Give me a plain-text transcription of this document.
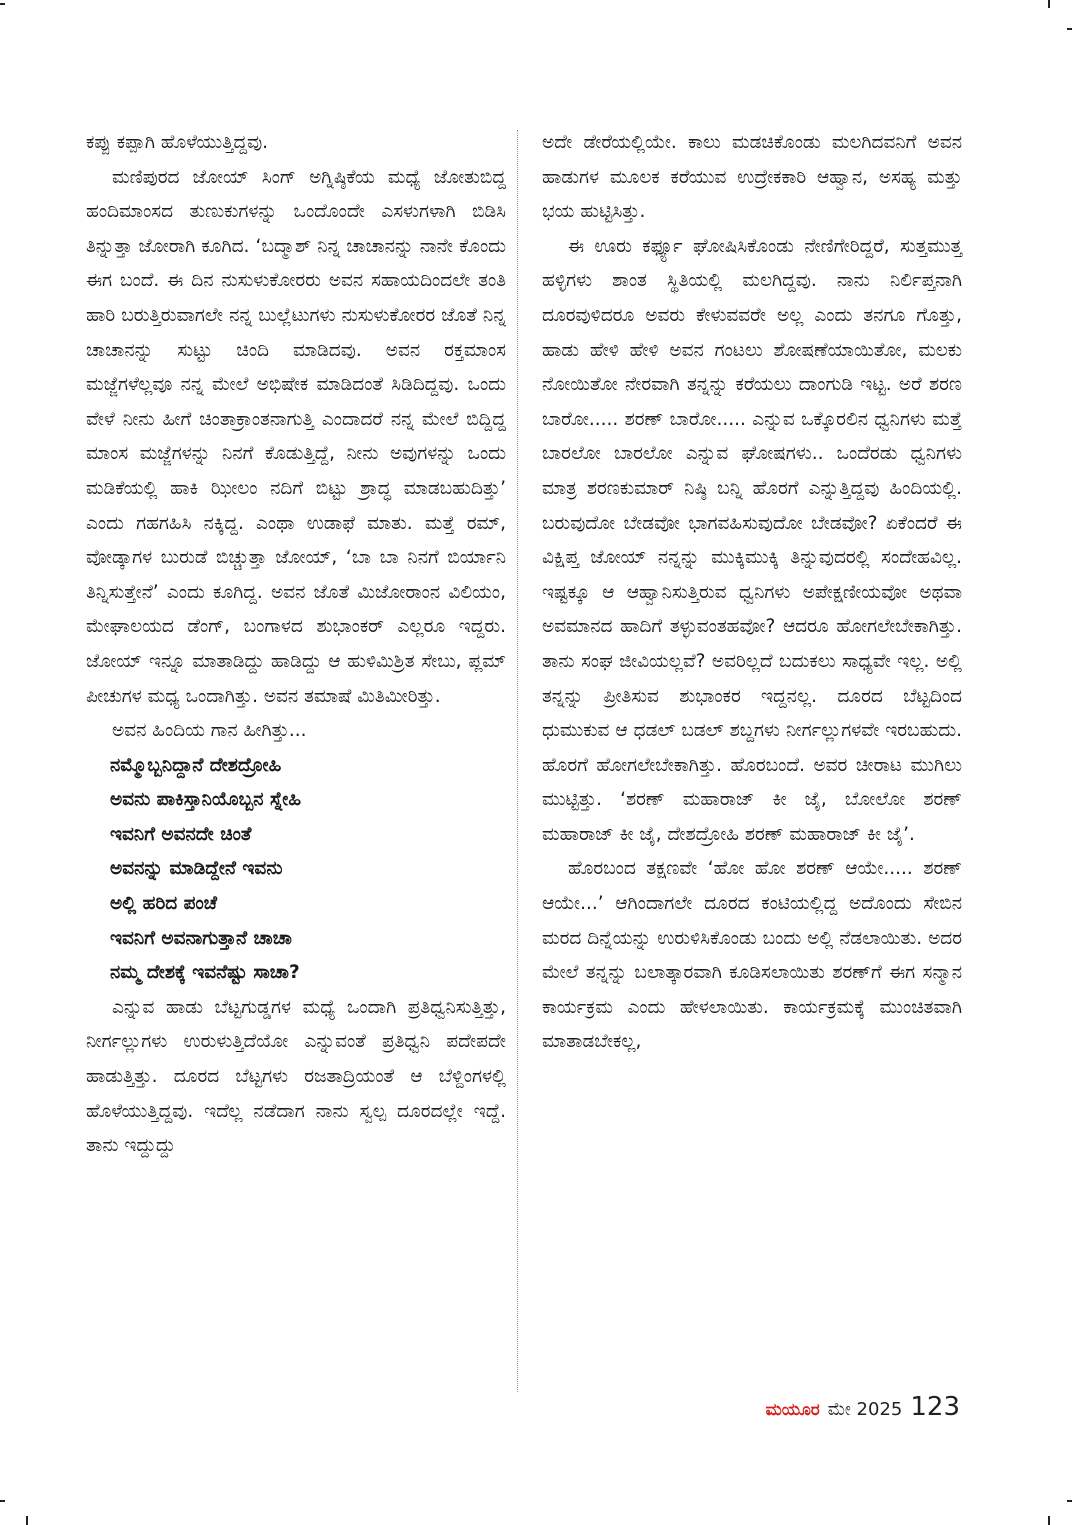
ಕಪ್ಪು ಕಪ್ಪಾಗಿ ಹೊಳೆಯುತ್ತಿದ್ದವು.

ಮಣಿಪುರದ ಜೋಯ್ ಸಿಂಗ್ ಅಗ್ನಿಷ್ಠಿಕೆಯ ಮಧ್ಯೆ ಜೋತುಬಿದ್ದ ಹಂದಿಮಾಂಸದ ತುಣುಕುಗಳನ್ನು ಒಂದೊಂದೇ ಎಸಳುಗಳಾಗಿ ಬಿಡಿಸಿ ತಿನ್ನುತ್ತಾ ಜೋರಾಗಿ ಕೂಗಿದ. ‘ಬದ್ಮಾಶ್ ನಿನ್ನ ಚಾಚಾನನ್ನು ನಾನೇ ಕೊಂದು ಈಗ ಬಂದೆ. ಈ ದಿನ ನುಸುಳುಕೋರರು ಅವನ ಸಹಾಯದಿಂದಲೇ ತಂತಿ ಹಾರಿ ಬರುತ್ತಿರುವಾಗಲೇ ನನ್ನ ಬುಲ್ಲೆಟುಗಳು ನುಸುಳುಕೋರರ ಜೊತೆ ನಿನ್ನ ಚಾಚಾನನ್ನು ಸುಟ್ಟು ಚಿಂದಿ ಮಾಡಿದವು. ಅವನ ರಕ್ತಮಾಂಸ ಮಜ್ಜೆಗಳೆಲ್ಲವೂ ನನ್ನ ಮೇಲೆ ಅಭಿಷೇಕ ಮಾಡಿದಂತೆ ಸಿಡಿದಿದ್ದವು. ಒಂದು ವೇಳೆ ನೀನು ಹೀಗೆ ಚಿಂತಾಕ್ರಾಂತನಾಗುತ್ತಿ ಎಂದಾದರೆ ನನ್ನ ಮೇಲೆ ಬಿದ್ದಿದ್ದ ಮಾಂಸ ಮಜ್ಜೆಗಳನ್ನು ನಿನಗೆ ಕೊಡುತ್ತಿದ್ದೆ, ನೀನು ಅವುಗಳನ್ನು ಒಂದು ಮಡಿಕೆಯಲ್ಲಿ ಹಾಕಿ ಝೀಲಂ ನದಿಗೆ ಬಿಟ್ಟು ಶ್ರಾದ್ಧ ಮಾಡಬಹುದಿತ್ತು’ ಎಂದು ಗಹಗಹಿಸಿ ನಕ್ಕಿದ್ದ. ಎಂಥಾ ಉಡಾಫೆ ಮಾತು. ಮತ್ತೆ ರಮ್, ವೋಡ್ಕಾಗಳ ಬುರುಡೆ ಬಿಚ್ಚುತ್ತಾ ಜೋಯ್, ‘ಬಾ ಬಾ ನಿನಗೆ ಬಿರ್ಯಾನಿ ತಿನ್ನಿಸುತ್ತೇನೆ’ ಎಂದು ಕೂಗಿದ್ದ. ಅವನ ಜೊತೆ ಮಿಜೋರಾಂನ ವಿಲಿಯಂ, ಮೇಘಾಲಯದ ಡೆಂಗ್, ಬಂಗಾಳದ ಶುಭಾಂಕರ್ ಎಲ್ಲರೂ ಇದ್ದರು. ಜೋಯ್ ಇನ್ನೂ ಮಾತಾಡಿದ್ದು ಹಾಡಿದ್ದು ಆ ಹುಳಿಮಿಶ್ರಿತ ಸೇಬು, ಪ್ಲಮ್ ಪೀಚುಗಳ ಮಧ್ಯ ಒಂದಾಗಿತ್ತು. ಅವನ ತಮಾಷೆ ಮಿತಿಮೀರಿತ್ತು.

ಅವನ ಹಿಂದಿಯ ಗಾನ ಹೀಗಿತ್ತು...

ನಮ್ಮೊಬ್ಬನಿದ್ದಾನೆ ದೇಶದ್ರೋಹಿ
ಅವನು ಪಾಕಿಸ್ತಾನಿಯೊಬ್ಬನ ಸ್ನೇಹಿ
ಇವನಿಗೆ ಅವನದೇ ಚಿಂತೆ
ಅವನನ್ನು ಮಾಡಿದ್ದೇನೆ ಇವನು
ಅಲ್ಲಿ ಹರಿದ ಪಂಚೆ
ಇವನಿಗೆ ಅವನಾಗುತ್ತಾನೆ ಚಾಚಾ
ನಮ್ಮ ದೇಶಕ್ಕೆ ಇವನೆಷ್ಟು ಸಾಚಾ?

ಎನ್ನುವ ಹಾಡು ಬೆಟ್ಟಗುಡ್ಡಗಳ ಮಧ್ಯೆ ಒಂದಾಗಿ ಪ್ರತಿಧ್ವನಿಸುತ್ತಿತ್ತು, ನೀರ್ಗಲ್ಲುಗಳು ಉರುಳುತ್ತಿದೆಯೋ ಎನ್ನುವಂತೆ ಪ್ರತಿಧ್ವನಿ ಪದೇಪದೇ ಹಾಡುತ್ತಿತ್ತು. ದೂರದ ಬೆಟ್ಟಗಳು ರಜತಾದ್ರಿಯಂತೆ ಆ ಬೆಳ್ದಿಂಗಳಲ್ಲಿ ಹೊಳೆಯುತ್ತಿದ್ದವು. ಇದೆಲ್ಲ ನಡೆದಾಗ ನಾನು ಸ್ವಲ್ಪ ದೂರದಲ್ಲೇ ಇದ್ದೆ. ತಾನು ಇದ್ದುದ್ದು

ಅದೇ ಡೇರೆಯಲ್ಲಿಯೇ. ಕಾಲು ಮಡಚಿಕೊಂಡು ಮಲಗಿದವನಿಗೆ ಅವನ ಹಾಡುಗಳ ಮೂಲಕ ಕರೆಯುವ ಉದ್ರೇಕಕಾರಿ ಆಹ್ವಾನ, ಅಸಹ್ಯ ಮತ್ತು ಭಯ ಹುಟ್ಟಿಸಿತ್ತು.

ಈ ಊರು ಕರ್ಫ್ಯೂ ಘೋಷಿಸಿಕೊಂಡು ನೇಣಿಗೇರಿದ್ದರೆ, ಸುತ್ತಮುತ್ತ ಹಳ್ಳಿಗಳು ಶಾಂತ ಸ್ಥಿತಿಯಲ್ಲಿ ಮಲಗಿದ್ದವು. ನಾನು ನಿರ್ಲಿಪ್ತನಾಗಿ ದೂರವುಳಿದರೂ ಅವರು ಕೇಳುವವರೇ ಅಲ್ಲ ಎಂದು ತನಗೂ ಗೊತ್ತು, ಹಾಡು ಹೇಳಿ ಹೇಳಿ ಅವನ ಗಂಟಲು ಶೋಷಣೆಯಾಯಿತೋ, ಮಲಕು ನೋಯಿತೋ ನೇರವಾಗಿ ತನ್ನನ್ನು ಕರೆಯಲು ದಾಂಗುಡಿ ಇಟ್ಟ. ಅರೆ ಶರಣ ಬಾರೋ..... ಶರಣ್ ಬಾರೋ..... ಎನ್ನುವ ಒಕ್ಕೊರಲಿನ ಧ್ವನಿಗಳು ಮತ್ತೆ ಬಾರಲೋ ಬಾರಲೋ ಎನ್ನುವ ಘೋಷಗಳು.. ಒಂದೆರಡು ಧ್ವನಿಗಳು ಮಾತ್ರ ಶರಣಕುಮಾರ್ ನಿಷ್ಠಿ ಬನ್ನಿ ಹೊರಗೆ ಎನ್ನುತ್ತಿದ್ದವು ಹಿಂದಿಯಲ್ಲಿ. ಬರುವುದೋ ಬೇಡವೋ ಭಾಗವಹಿಸುವುದೋ ಬೇಡವೋ? ಏಕೆಂದರೆ ಈ ವಿಕ್ಷಿಪ್ತ ಜೋಯ್ ನನ್ನನ್ನು ಮುಕ್ಕಿಮುಕ್ಕಿ ತಿನ್ನುವುದರಲ್ಲಿ ಸಂದೇಹವಿಲ್ಲ. ಇಷ್ಟಕ್ಕೂ ಆ ಆಹ್ವಾನಿಸುತ್ತಿರುವ ಧ್ವನಿಗಳು ಅಪೇಕ್ಷಣೀಯವೋ ಅಥವಾ ಅವಮಾನದ ಹಾದಿಗೆ ತಳ್ಳುವಂತಹವೋ? ಆದರೂ ಹೋಗಲೇಬೇಕಾಗಿತ್ತು. ತಾನು ಸಂಘ ಜೀವಿಯಲ್ಲವೆ? ಅವರಿಲ್ಲದೆ ಬದುಕಲು ಸಾಧ್ಯವೇ ಇಲ್ಲ. ಅಲ್ಲಿ ತನ್ನನ್ನು ಪ್ರೀತಿಸುವ ಶುಭಾಂಕರ ಇದ್ದನಲ್ಲ. ದೂರದ ಬೆಟ್ಟದಿಂದ ಧುಮುಕುವ ಆ ಧಡಲ್ ಬಡಲ್ ಶಬ್ದಗಳು ನೀರ್ಗಲ್ಲುಗಳವೇ ಇರಬಹುದು. ಹೊರಗೆ ಹೋಗಲೇಬೇಕಾಗಿತ್ತು. ಹೊರಬಂದೆ. ಅವರ ಚೀರಾಟ ಮುಗಿಲು ಮುಟ್ಟಿತ್ತು. ‘ಶರಣ್ ಮಹಾರಾಜ್ ಕೀ ಜೈ, ಬೋಲೋ ಶರಣ್ ಮಹಾರಾಜ್ ಕೀ ಜೈ, ದೇಶದ್ರೋಹಿ ಶರಣ್ ಮಹಾರಾಜ್ ಕೀ ಜೈ’.

ಹೊರಬಂದ ತಕ್ಷಣವೇ ‘ಹೋ ಹೋ ಶರಣ್ ಆಯೇ..... ಶರಣ್ ಆಯೇ...’ ಆಗಿಂದಾಗಲೇ ದೂರದ ಕಂಟಿಯಲ್ಲಿದ್ದ ಅದೊಂದು ಸೇಬಿನ ಮರದ ದಿನ್ನೆಯನ್ನು ಉರುಳಿಸಿಕೊಂಡು ಬಂದು ಅಲ್ಲಿ ನೆಡಲಾಯಿತು. ಅದರ ಮೇಲೆ ತನ್ನನ್ನು ಬಲಾತ್ಕಾರವಾಗಿ ಕೂಡಿಸಲಾಯಿತು ಶರಣ್‌ಗೆ ಈಗ ಸನ್ಮಾನ ಕಾರ್ಯಕ್ರಮ ಎಂದು ಹೇಳಲಾಯಿತು. ಕಾರ್ಯಕ್ರಮಕ್ಕೆ ಮುಂಚಿತವಾಗಿ ಮಾತಾಡಬೇಕಲ್ಲ,

ಮಯೂರ ಮೇ 2025 123
